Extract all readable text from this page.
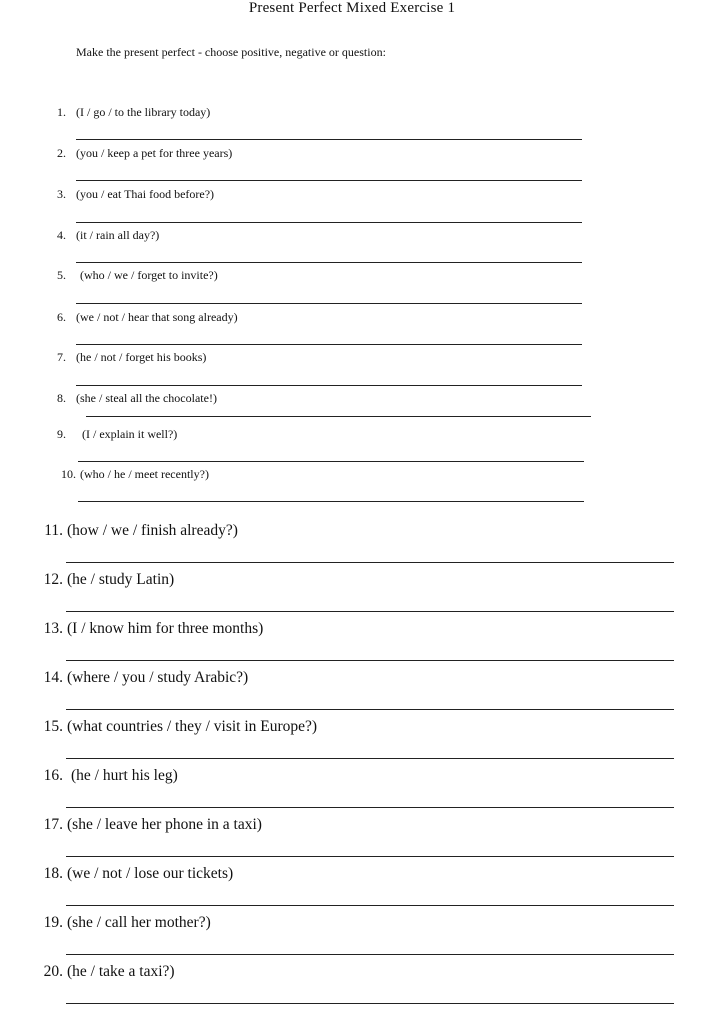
Present Perfect Mixed Exercise 1
Make the present perfect - choose positive, negative or question:
1. (I / go / to the library today)
2. (you / keep a pet for three years)
3. (you / eat Thai food before?)
4. (it / rain all day?)
5. (who / we / forget to invite?)
6. (we / not / hear that song already)
7. (he / not / forget his books)
8. (she / steal all the chocolate!)
9. (I / explain it well?)
10. (who / he / meet recently?)
11. (how / we / finish already?)
12. (he / study Latin)
13. (I / know him for three months)
14. (where / you / study Arabic?)
15. (what countries / they / visit in Europe?)
16. (he / hurt his leg)
17. (she / leave her phone in a taxi)
18. (we / not / lose our tickets)
19. (she / call her mother?)
20. (he / take a taxi?)
